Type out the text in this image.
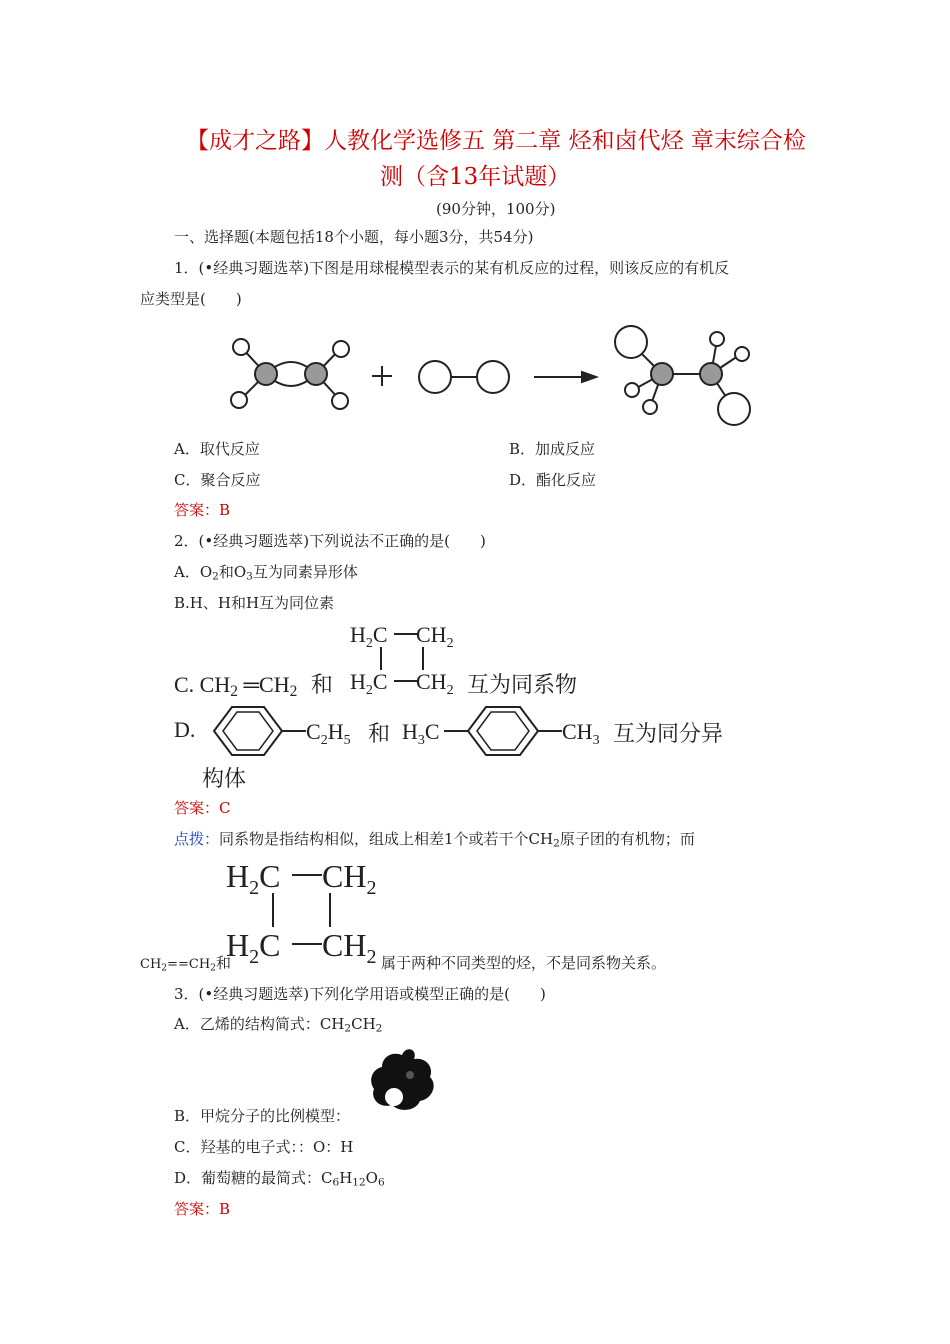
【成才之路】人教化学选修五 第二章 烃和卤代烃 章末综合检
测（含13年试题）
(90分钟，100分)
一、选择题(本题包括18个小题，每小题3分，共54分)
1．(•经典习题选萃)下图是用球棍模型表示的某有机反应的过程，则该反应的有机反
应类型是(　　)
A．取代反应	B．加成反应
C．聚合反应	D．酯化反应
答案：B
2．(•经典习题选萃)下列说法不正确的是(　　)
A．$O_2$和$O_3$互为同素异形体
B.H、H和H互为同位素
C. $CH_2$ $═CH_2$ 和
$H_2C$ $CH_2$
$H_2C$ $CH_2$ 互为同系物
D.	$C_2H_5$ 和 $H_3C$	$CH_3$ 互为同分异
构体
答案：C
点拨：同系物是指结构相似，组成上相差1个或若干个$CH_2$原子团的有机物；而
$H_2C$ $CH_2$
$H_2C$ $CH_2$
$CH_2==CH_2$和	属于两种不同类型的烃，不是同系物关系。
3．(•经典习题选萃)下列化学用语或模型正确的是(　　)
A．乙烯的结构简式：$CH_2CH_2$
B．甲烷分子的比例模型：
C．羟基的电子式：：O：H
D．葡萄糖的最简式：$C_6H_{12}O_6$
答案：B
